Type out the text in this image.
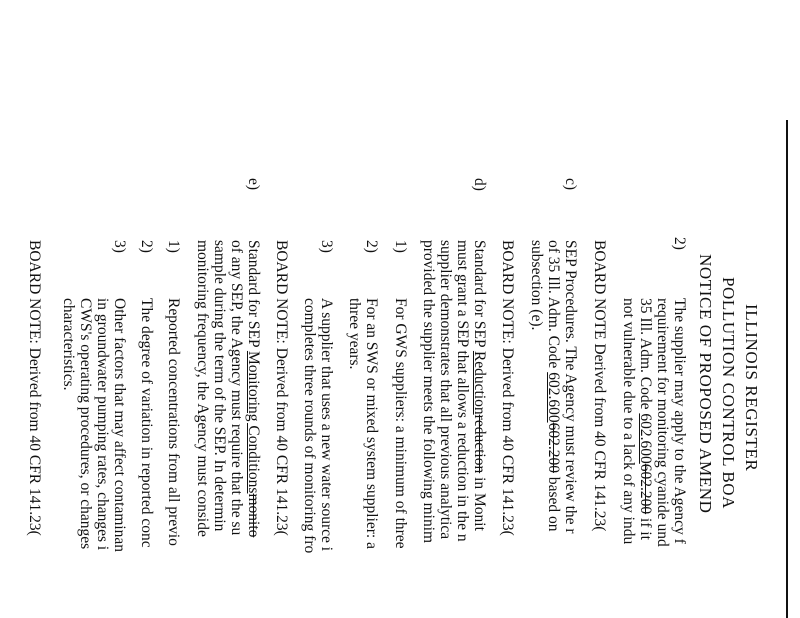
ILLINOIS REGISTER
POLLUTION CONTROL BOA
NOTICE OF PROPOSED AMEND
2)
The supplier may apply to the Agency f
requirement for monitoring cyanide und
35 Ill. Adm. Code 602.600602.200 if it
not vulnerable due to a lack of any indu
BOARD NOTE Derived from 40 CFR 141.23(
c)
SEP Procedures. The Agency must review the r
of 35 Ill. Adm. Code 602.600602.200 based on
subsection (e).
BOARD NOTE: Derived from 40 CFR 141.23(
d)
Standard for SEP Reductionreduction in Monit
must grant a SEP that allows a reduction in the n
supplier demonstrates that all previous analytica
provided the supplier meets the following minim
1)
For GWS suppliers: a minimum of three
2)
For an SWS or mixed system supplier: a
three years.
3)
A supplier that uses a new water source i
completes three rounds of monitoring fro
BOARD NOTE: Derived from 40 CFR 141.23(
e)
Standard for SEP Monitoring Conditionsmonito
of any SEP, the Agency must require that the su
sample during the term of the SEP. In determin
monitoring frequency, the Agency must conside
1)
Reported concentrations from all previo
2)
The degree of variation in reported conc
3)
Other factors that may affect contaminan
in groundwater pumping rates, changes i
CWS's operating procedures, or changes
characteristics.
BOARD NOTE: Derived from 40 CFR 141.23(
